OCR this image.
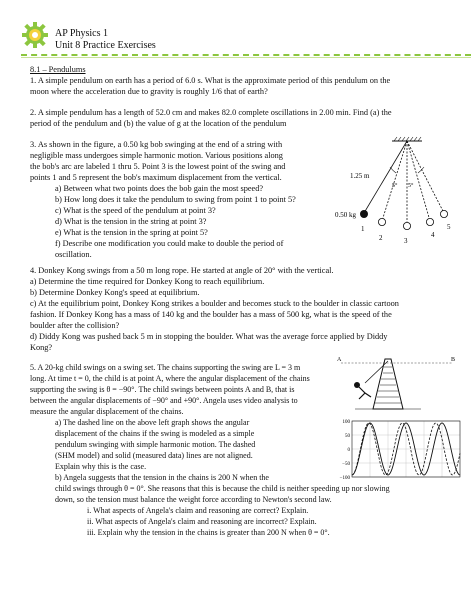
AP Physics 1
Unit 8 Practice Exercises
8.1 – Pendulums
1. A simple pendulum on earth has a period of 6.0 s. What is the approximate period of this pendulum on the
moon where the acceleration due to gravity is roughly 1/6 that of earth?
2. A simple pendulum has a length of 52.0 cm and makes 82.0 complete oscillations in 2.00 min. Find (a) the
period of the pendulum and (b) the value of g at the location of the pendulum
3. As shown in the figure, a 0.50 kg bob swinging at the end of a string with
negligible mass undergoes simple harmonic motion. Various positions along
the bob's arc are labeled 1 thru 5. Point 3 is the lowest point of the swing and
points 1 and 5 represent the bob's maximum displacement from the vertical.
a) Between what two points does the bob gain the most speed?
b) How long does it take the pendulum to swing from point 1 to point 5?
c) What is the speed of the pendulum at point 3?
d) What is the tension in the string at point 3?
e) What is the tension in the spring at point 5?
f) Describe one modification you could make to double the period of
oscillation.
1.25 m
5° 5°
0.50 kg
1
2	3
4
5
4. Donkey Kong swings from a 50 m long rope. He started at angle of 20° with the vertical.
a) Determine the time required for Donkey Kong to reach equilibrium.
b) Determine Donkey Kong's speed at equilibrium.
c) At the equilibrium point, Donkey Kong strikes a boulder and becomes stuck to the boulder in classic cartoon
fashion. If Donkey Kong has a mass of 140 kg and the boulder has a mass of 500 kg, what is the speed of the
boulder after the collision?
d) Diddy Kong was pushed back 5 m in stopping the boulder. What was the average force applied by Diddy
Kong?
5. A 20-kg child swings on a swing set. The chains supporting the swing are L = 3 m
long. At time t = 0, the child is at point A, where the angular displacement of the chains
supporting the swing is θ = −90°. The child swings between points A and B, that is
between the angular displacements of −90° and +90°. Angela uses video analysis to
measure the angular displacement of the chains.
a) The dashed line on the above left graph shows the angular
displacement of the chains if the swing is modeled as a simple
pendulum swinging with simple harmonic motion. The dashed
(SHM model) and solid (measured data) lines are not aligned.
Explain why this is the case.
b) Angela suggests that the tension in the chains is 200 N when the
child swings through θ = 0°. She reasons that this is because the child is neither speeding up nor slowing
down, so the tension must balance the weight force according to Newton's second law.
i. What aspects of Angela's claim and reasoning are correct? Explain.
ii. What aspects of Angela's claim and reasoning are incorrect? Explain.
iii. Explain why the tension in the chains is greater than 200 N when θ = 0°.
A	B
100
50
0
−50
−100
